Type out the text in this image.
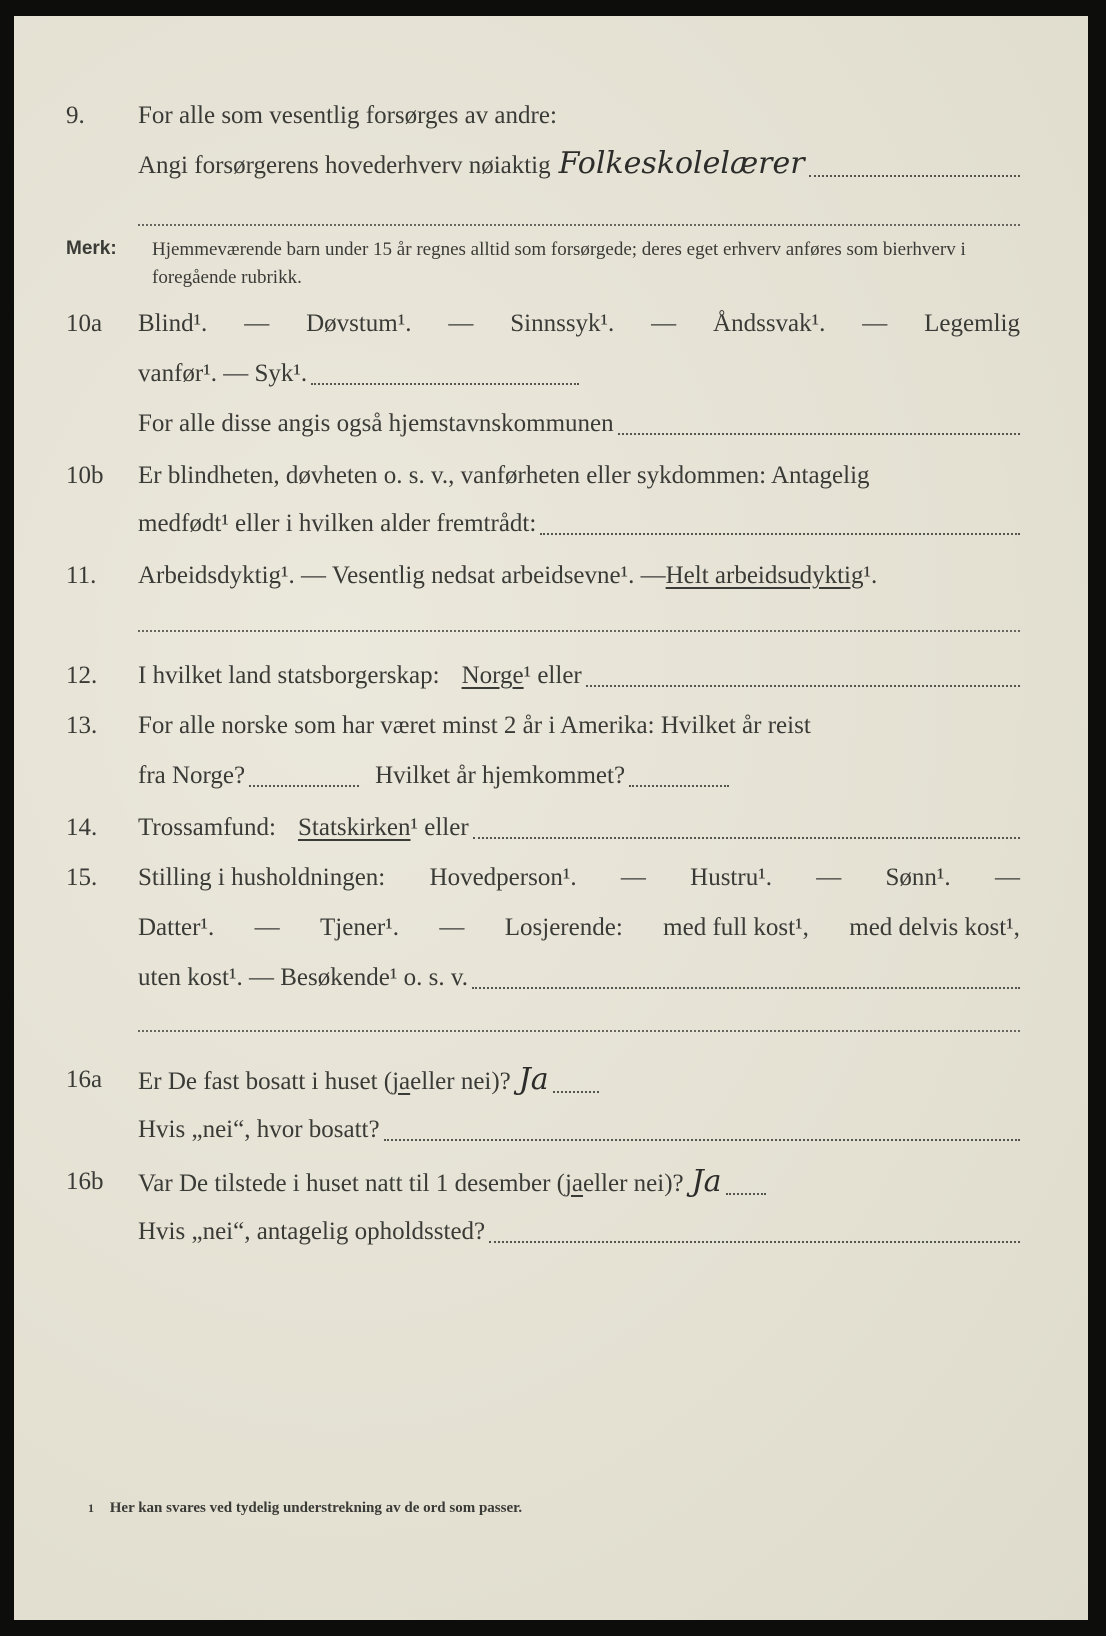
9. For alle som vesentlig forsørges av andre:
Angi forsørgerens hovederhverv nøiaktig Folkeskolelærer
Merk: Hjemmeværende barn under 15 år regnes alltid som forsørgede; deres eget erhverv anføres som bierhverv i foregående rubrikk.
10a Blind¹. — Døvstum¹. — Sinnssyk¹. — Åndssvak¹. — Legemlig
vanfør¹. — Syk¹.
For alle disse angis også hjemstavnskommunen
10b Er blindheten, døvheten o. s. v., vanførheten eller sykdommen: Antagelig
medfødt¹ eller i hvilken alder fremtrådt:
11. Arbeidsdyktig¹. — Vesentlig nedsat arbeidsevne¹. — Helt arbeidsudyktig ¹.
12. I hvilket land statsborgerskap: Norge ¹ eller
13. For alle norske som har været minst 2 år i Amerika: Hvilket år reist
fra Norge?	Hvilket år hjemkommet?
14. Trossamfund: Statskirken ¹ eller
15. Stilling i husholdningen: Hovedperson¹. — Hustru¹. — Sønn¹. —
Datter¹. — Tjener¹. — Losjerende: med full kost¹, med delvis kost¹,
uten kost¹. — Besøkende¹ o. s. v.
16a Er De fast bosatt i huset ( ja eller nei)? Ja
Hvis „nei“, hvor bosatt?
16b Var De tilstede i huset natt til 1 desember ( ja eller nei)? Ja
Hvis „nei“, antagelig opholdssted?
1 Her kan svares ved tydelig understrekning av de ord som passer.
